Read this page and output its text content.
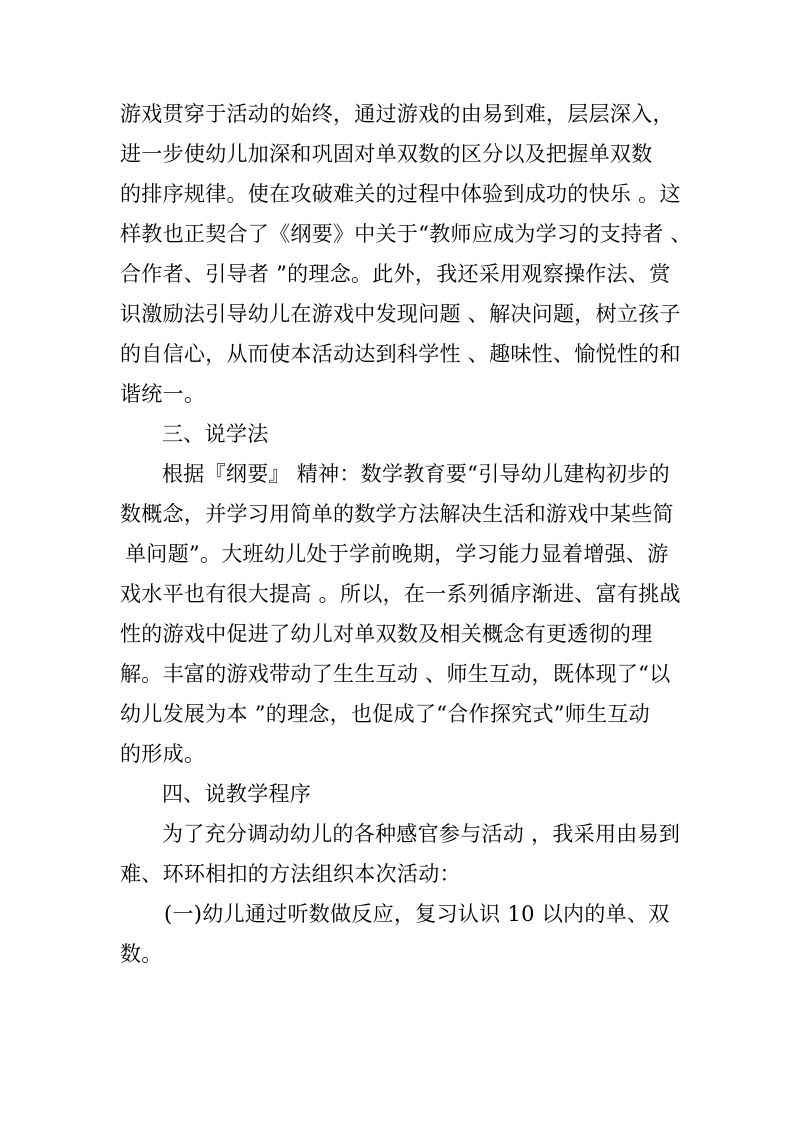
游戏贯穿于活动的始终，通过游戏的由易到难，层层深入，
进一步使幼儿加深和巩固对单双数的区分以及把握单双数
的排序规律。使在攻破难关的过程中体验到成功的快乐 。这
样教也正契合了《纲要》中关于“教师应成为学习的支持者 、
合作者、引导者 ”的理念。此外，我还采用观察操作法、赏
识激励法引导幼儿在游戏中发现问题 、解决问题，树立孩子
的自信心，从而使本活动达到科学性 、趣味性、愉悦性的和
谐统一。
三、说学法
根据『纲要』 精神：数学教育要“引导幼儿建构初步的
数概念，并学习用简单的数学方法解决生活和游戏中某些简
单问题”。大班幼儿处于学前晚期，学习能力显着增强、游
戏水平也有很大提高 。所以，在一系列循序渐进、富有挑战
性的游戏中促进了幼儿对单双数及相关概念有更透彻的理
解。丰富的游戏带动了生生互动 、师生互动，既体现了“以
幼儿发展为本 ”的理念，也促成了“合作探究式”师生互动
的形成。
四、说教学程序
为了充分调动幼儿的各种感官参与活动 ，我采用由易到
难、环环相扣的方法组织本次活动：
(一)幼儿通过听数做反应，复习认识 10 以内的单、双
数。
